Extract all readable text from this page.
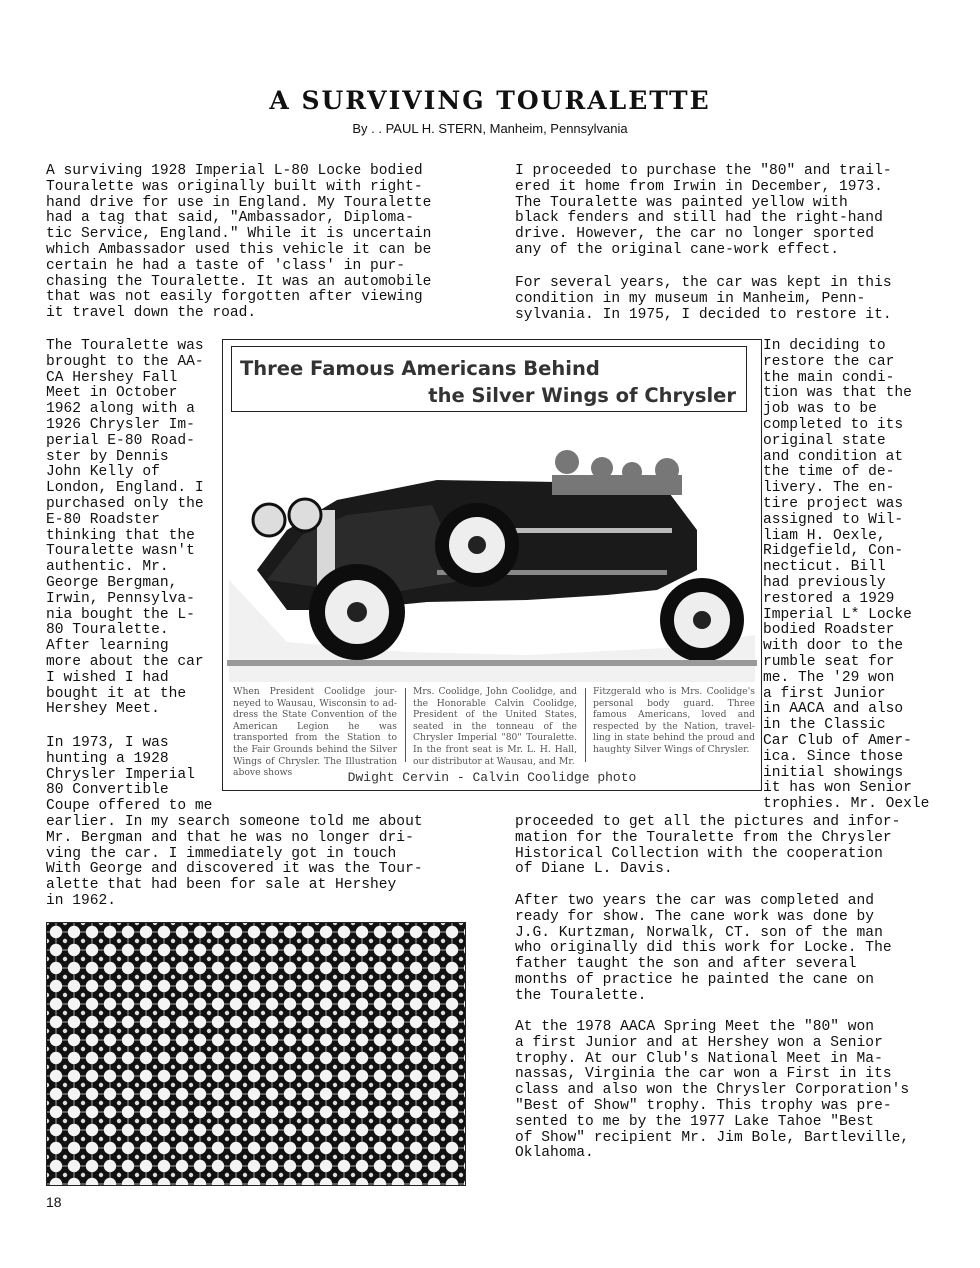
A SURVIVING TOURALETTE
By . . PAUL H. STERN, Manheim, Pennsylvania
A surviving 1928 Imperial L-80 Locke bodied
Touralette was originally built with right-
hand drive for use in England. My Touralette
had a tag that said, "Ambassador, Diploma-
tic Service, England." While it is uncertain
which Ambassador used this vehicle it can be
certain he had a taste of 'class' in pur-
chasing the Touralette. It was an automobile
that was not easily forgotten after viewing
it travel down the road.
I proceeded to purchase the "80" and trail-
ered it home from Irwin in December, 1973.
The Touralette was painted yellow with
black fenders and still had the right-hand
drive. However, the car no longer sported
any of the original cane-work effect.
For several years, the car was kept in this
condition in my museum in Manheim, Penn-
sylvania. In 1975, I decided to restore it.
The Touralette was
brought to the AA-
CA Hershey Fall
Meet in October
1962 along with a
1926 Chrysler Im-
perial E-80 Road-
ster by Dennis
John Kelly of
London, England. I
purchased only the
E-80 Roadster
thinking that the
Touralette wasn't
authentic. Mr.
George Bergman,
Irwin, Pennsylva-
nia bought the L-
80 Touralette.
After learning
more about the car
I wished I had
bought it at the
Hershey Meet.
In 1973, I was
hunting a 1928
Chrysler Imperial
80 Convertible
Coupe offered to me
earlier. In my search someone told me about
Mr. Bergman and that he was no longer dri-
ving the car. I immediately got in touch
With George and discovered it was the Tour-
alette that had been for sale at Hershey
in 1962.
In deciding to
restore the car
the main condi-
tion was that the
job was to be
completed to its
original state
and condition at
the time of de-
livery. The en-
tire project was
assigned to Wil-
liam H. Oexle,
Ridgefield, Con-
necticut. Bill
had previously
restored a 1929
Imperial L* Locke
bodied Roadster
with door to the
rumble seat for
me. The '29 won
a first Junior
in AACA and also
in the Classic
Car Club of Amer-
ica. Since those
initial showings
it has won Senior
trophies. Mr. Oexle
proceeded to get all the pictures and infor-
mation for the Touralette from the Chrysler
Historical Collection with the cooperation
of Diane L. Davis.
After two years the car was completed and
ready for show. The cane work was done by
J.G. Kurtzman, Norwalk, CT. son of the man
who originally did this work for Locke. The
father taught the son and after several
months of practice he painted the cane on
the Touralette.
At the 1978 AACA Spring Meet the "80" won
a first Junior and at Hershey won a Senior
trophy. At our Club's National Meet in Ma-
nassas, Virginia the car won a First in its
class and also won the Chrysler Corporation's
"Best of Show" trophy. This trophy was pre-
sented to me by the 1977 Lake Tahoe "Best
of Show" recipient Mr. Jim Bole, Bartleville,
Oklahoma.
Three Famous Americans Behind
the Silver Wings of Chrysler
When President Coolidge jour-neyed to Wausau, Wisconsin to ad-dress the State Convention of the American Legion he was transported from the Station to the Fair Grounds behind the Silver Wings of Chrysler. The Illustration above shows
Mrs. Coolidge, John Coolidge, and the Honorable Calvin Coolidge, President of the United States, seated in the tonneau of the Chrysler Imperial "80" Touralette. In the front seat is Mr. L. H. Hall, our distributor at Wausau, and Mr.
Fitzgerald who is Mrs. Coolidge's personal body guard. Three famous Americans, loved and respected by the Nation, travel-ling in state behind the proud and haughty Silver Wings of Chrysler.
Dwight Cervin - Calvin Coolidge photo
18
